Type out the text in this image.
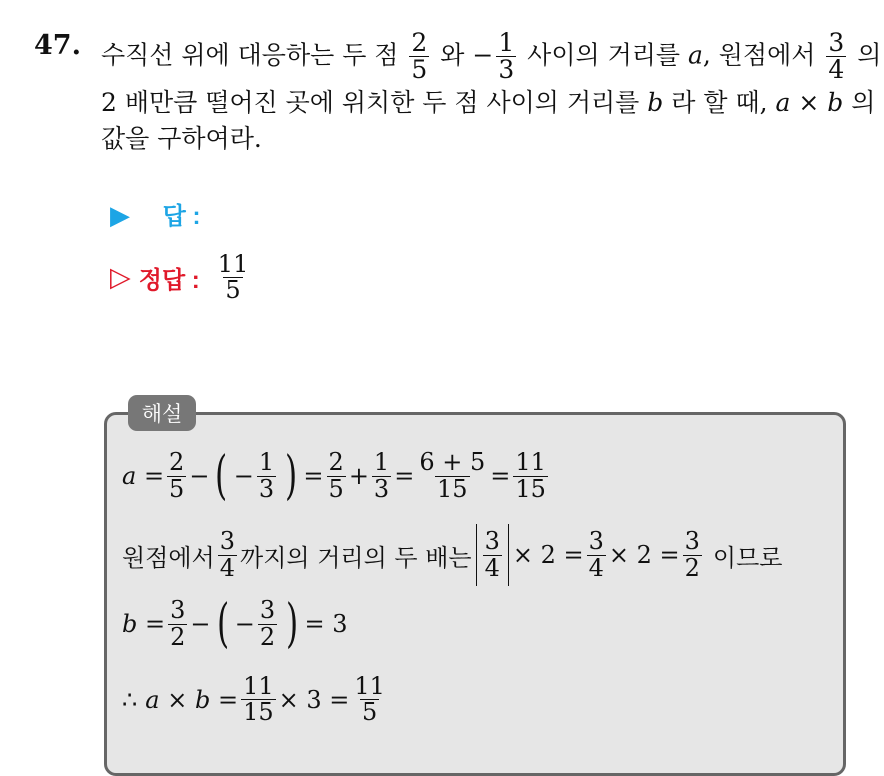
47. 수직선 위에 대응하는 두 점 $\frac{2}{5}$ 와 − $\frac{1}{3}$ 사이의 거리를 a, 원점에서 $\frac{3}{4}$ 의
2 배만큼 떨어진 곳에 위치한 두 점 사이의 거리를 b 라 할 때, a × b 의
값을 구하여라.
▶ 답 :
▷ 정답 : $\frac{11}{5}$
해설
$a = \frac{2}{5}$ − ( − $\frac{1}{3}$ ) = $\frac{2}{5} + \frac{1}{3} = \frac{6 + 5}{15} = \frac{11}{15}$
원점에서 $\frac{3}{4}$ 까지의 거리의 두 배는 $\frac{3}{4} \times 2 = \frac{3}{4} \times 2 = \frac{3}{2}$ 이므로
$b = \frac{3}{2}$ − ( − $\frac{3}{2}$ ) = 3
∴ $a \times b = \frac{11}{15} \times 3 = \frac{11}{5}$
